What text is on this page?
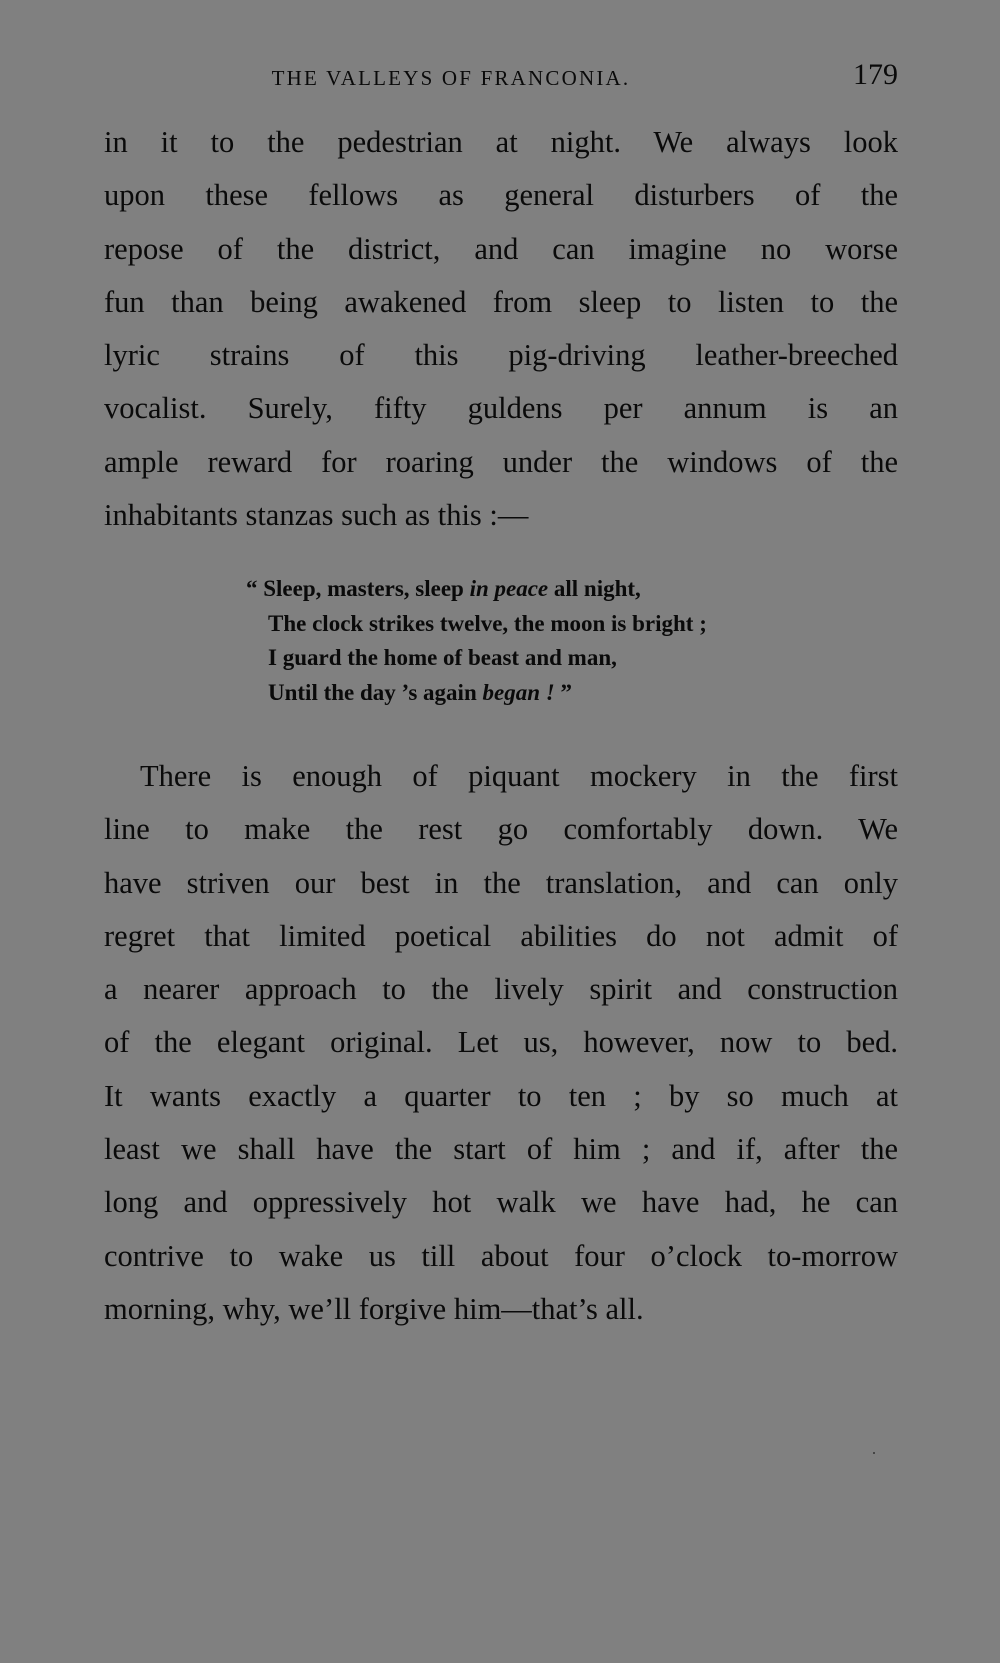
THE VALLEYS OF FRANCONIA.	179
in it to the pedestrian at night. We always look
upon these fellows as general disturbers of the
repose of the district, and can imagine no worse
fun than being awakened from sleep to listen to the
lyric strains of this pig-driving leather-breeched
vocalist. Surely, fifty guldens per annum is an
ample reward for roaring under the windows of the
inhabitants stanzas such as this :—
“ Sleep, masters, sleep in peace all night,
The clock strikes twelve, the moon is bright ;
I guard the home of beast and man,
Until the day ’s again began ! ”
There is enough of piquant mockery in the first
line to make the rest go comfortably down. We
have striven our best in the translation, and can only
regret that limited poetical abilities do not admit of
a nearer approach to the lively spirit and construction
of the elegant original. Let us, however, now to bed.
It wants exactly a quarter to ten ; by so much at
least we shall have the start of him ; and if, after the
long and oppressively hot walk we have had, he can
contrive to wake us till about four o’clock to-morrow
morning, why, we’ll forgive him—that’s all.
